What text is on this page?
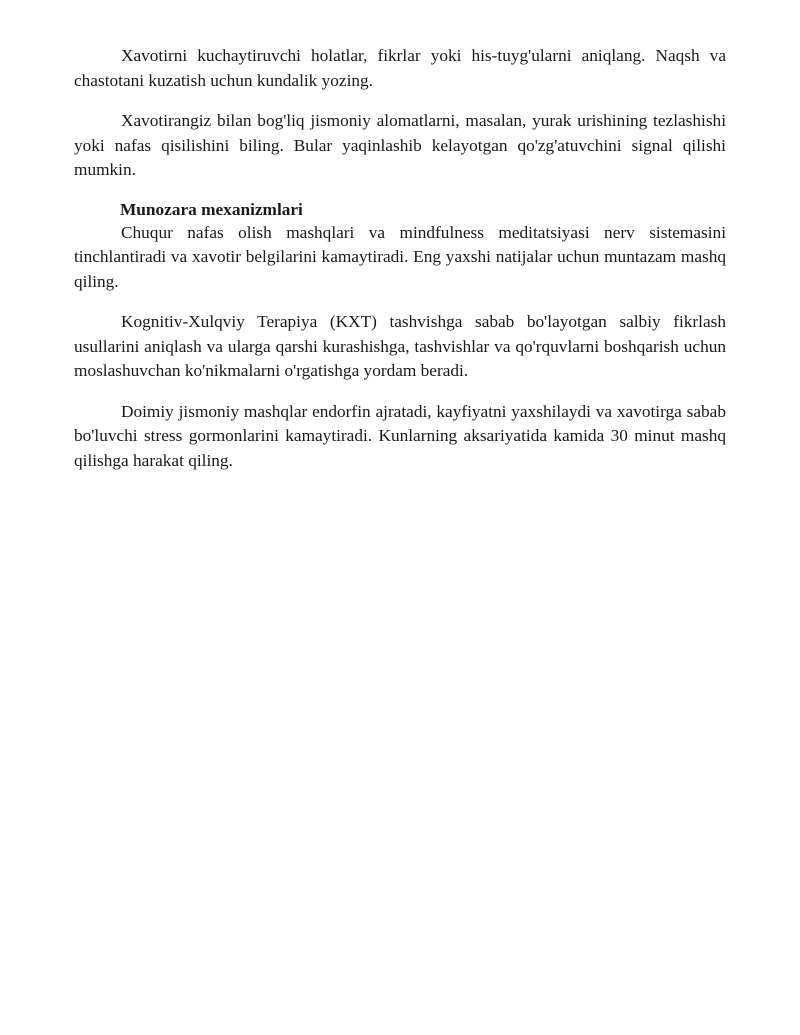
Xavotirni kuchaytiruvchi holatlar, fikrlar yoki his-tuyg'ularni aniqlang. Naqsh va chastotani kuzatish uchun kundalik yozing.

Xavotirangiz bilan bog'liq jismoniy alomatlarni, masalan, yurak urishining tezlashishi yoki nafas qisilishini biling. Bular yaqinlashib kelayotgan qo'zg'atuvchini signal qilishi mumkin.

Munozara mexanizmlari

Chuqur nafas olish mashqlari va mindfulness meditatsiyasi nerv sistemasini tinchlantiradi va xavotir belgilarini kamaytiradi. Eng yaxshi natijalar uchun muntazam mashq qiling.

Kognitiv-Xulqviy Terapiya (KXT) tashvishga sabab bo'layotgan salbiy fikrlash usullarini aniqlash va ularga qarshi kurashishga, tashvishlar va qo'rquvlarni boshqarish uchun moslashuvchan ko'nikmalarni o'rgatishga yordam beradi.

Doimiy jismoniy mashqlar endorfin ajratadi, kayfiyatni yaxshilaydi va xavotirga sabab bo'luvchi stress gormonlarini kamaytiradi. Kunlarning aksariyatida kamida 30 minut mashq qilishga harakat qiling.
